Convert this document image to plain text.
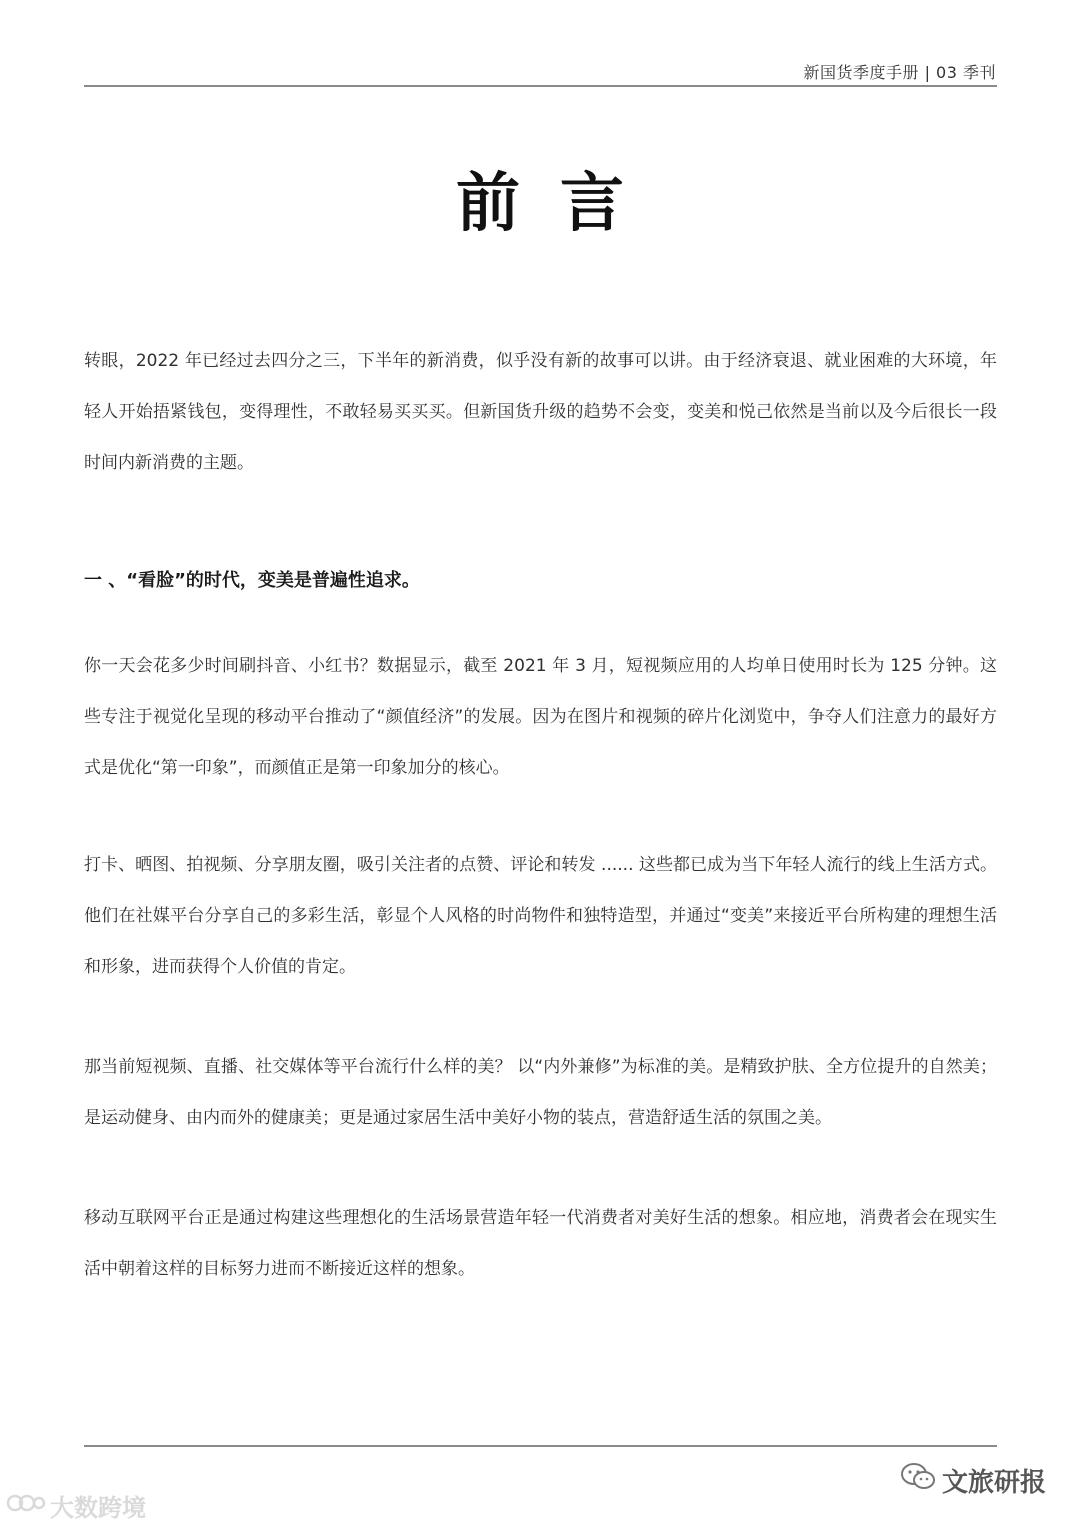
新国货季度手册 | 03 季刊
前言

转眼，2022 年已经过去四分之三，下半年的新消费，似乎没有新的故事可以讲。由于经济衰退、就业困难的大环境，年轻人开始捂紧钱包，变得理性，不敢轻易买买买。但新国货升级的趋势不会变，变美和悦己依然是当前以及今后很长一段时间内新消费的主题。

一 、“看脸”的时代，变美是普遍性追求。

你一天会花多少时间刷抖音、小红书？数据显示，截至 2021 年 3 月，短视频应用的人均单日使用时长为 125 分钟。这些专注于视觉化呈现的移动平台推动了“颜值经济”的发展。因为在图片和视频的碎片化浏览中，争夺人们注意力的最好方式是优化“第一印象”，而颜值正是第一印象加分的核心。

打卡、晒图、拍视频、分享朋友圈，吸引关注者的点赞、评论和转发 ...... 这些都已成为当下年轻人流行的线上生活方式。他们在社媒平台分享自己的多彩生活，彰显个人风格的时尚物件和独特造型，并通过“变美”来接近平台所构建的理想生活和形象，进而获得个人价值的肯定。

那当前短视频、直播、社交媒体等平台流行什么样的美？ 以“内外兼修”为标准的美。是精致护肤、全方位提升的自然美；是运动健身、由内而外的健康美；更是通过家居生活中美好小物的装点，营造舒适生活的氛围之美。

移动互联网平台正是通过构建这些理想化的生活场景营造年轻一代消费者对美好生活的想象。相应地，消费者会在现实生活中朝着这样的目标努力进而不断接近这样的想象。

文旅研报
大数跨境
